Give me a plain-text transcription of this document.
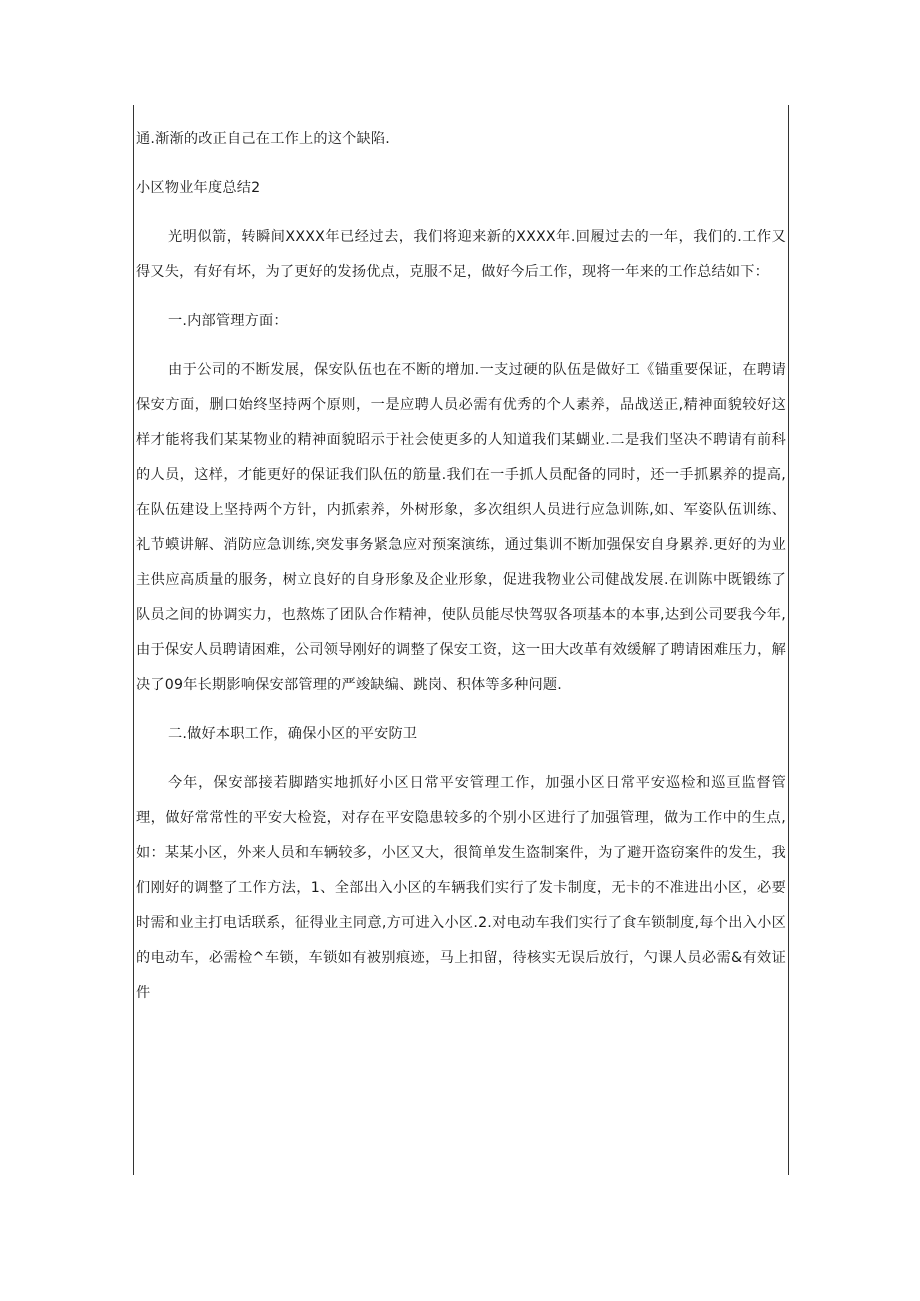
通.渐渐的改正自己在工作上的这个缺陷.

小区物业年度总结2

光明似箭，转瞬间XXXX年已经过去，我们将迎来新的XXXX年.回履过去的一年，我们的.工作又得又失，有好有坏，为了更好的发扬优点，克服不足，做好今后工作，现将一年来的工作总结如下：

一.内部管理方面：

由于公司的不断发展，保安队伍也在不断的增加.一支过硬的队伍是做好工《锚重要保证，在聘请保安方面，删口始终坚持两个原则，一是应聘人员必需有优秀的个人素养，品战送正,精神面貌较好这样才能将我们某某物业的精神面貌昭示于社会使更多的人知道我们某蝴业.二是我们坚决不聘请有前科的人员，这样，才能更好的保证我们队伍的筋量.我们在一手抓人员配备的同时，还一手抓累养的提高,在队伍建设上坚持两个方针，内抓索养，外树形象，多次组织人员进行应急训陈,如、军姿队伍训练、礼节蟆讲解、消防应急训练,突发事务紧急应对预案演练，通过集训不断加强保安自身累养.更好的为业主供应高质量的服务，树立良好的自身形象及企业形象，促进我物业公司健战发展.在训陈中既锻练了队员之间的协调实力，也熬炼了团队合作精神，使队员能尽快驾驭各项基本的本事,达到公司要我今年,由于保安人员聘请困难，公司领导刚好的调整了保安工资，这一田大改革有效缓解了聘请困难压力，解决了09年长期影响保安部管理的严竣缺编、跳岗、积体等多种问题.

二.做好本职工作，确保小区的平安防卫

今年，保安部接若脚踏实地抓好小区日常平安管理工作，加强小区日常平安巡检和巡亘监督管理，做好常常性的平安大检瓷，对存在平安隐患较多的个别小区进行了加强管理，做为工作中的生点,如：某某小区，外来人员和车辆较多，小区又大，很简单发生盗制案件，为了避开盗窃案件的发生，我们刚好的调整了工作方法，1、全部出入小区的车辆我们实行了发卡制度，无卡的不准进出小区，必要时需和业主打电话联系，征得业主同意,方可进入小区.2.对电动车我们实行了食车锁制度,每个出入小区的电动车，必需检^车锁，车锁如有被别痕迹，马上扣留，待核实无误后放行，勺课人员必需&有效证件
